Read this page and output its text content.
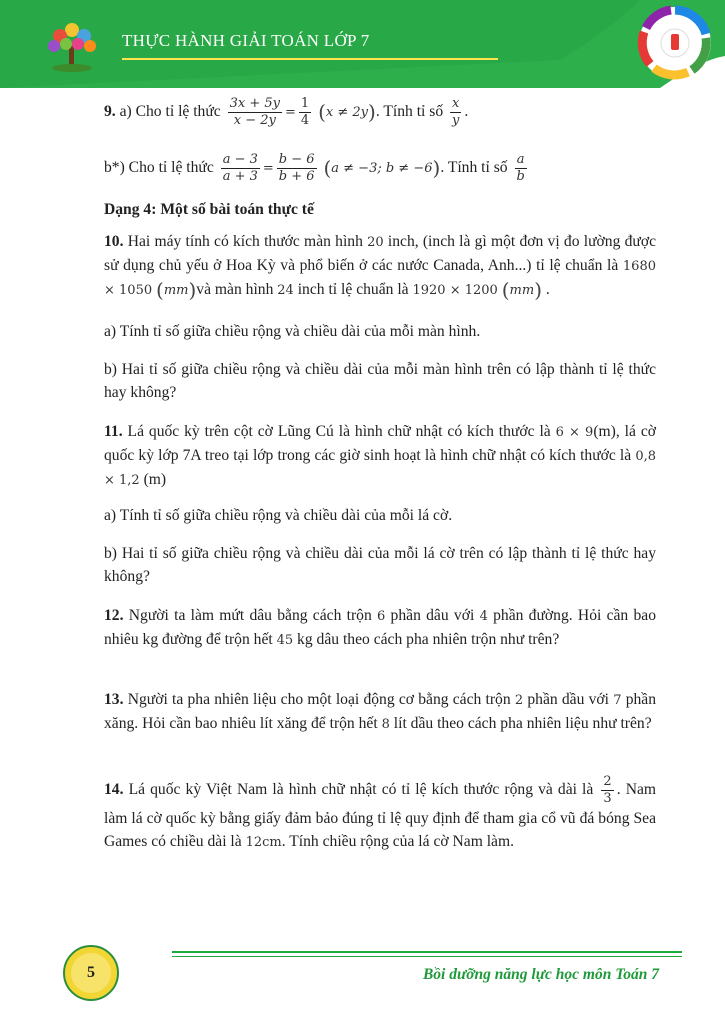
THỰC HÀNH GIẢI TOÁN LỚP 7
9. a) Cho tỉ lệ thức $\frac{3x + 5y}{x - 2y} = \frac{1}{4} (x \ne 2y)$. Tính tỉ số $\frac{x}{y}$ .
b*) Cho tỉ lệ thức $\frac{a - 3}{a + 3} = \frac{b - 6}{b + 6} (a \ne -3$; b ≠ −6). Tính tỉ số $\frac{a}{b}$
Dạng 4: Một số bài toán thực tế
10. Hai máy tính có kích thước màn hình 20 inch, (inch là gì một đơn vị đo lường được sử dụng chủ yếu ở Hoa Kỳ và phổ biến ở các nước Canada, Anh...) tỉ lệ chuẩn là 1680 × 1050 (mm)và màn hình 24 inch tỉ lệ chuẩn là 1920 × 1200 (mm) .
a) Tính tỉ số giữa chiều rộng và chiều dài của mỗi màn hình.
b) Hai tỉ số giữa chiều rộng và chiều dài của mỗi màn hình trên có lập thành tỉ lệ thức hay không?
11. Lá quốc kỳ trên cột cờ Lũng Cú là hình chữ nhật có kích thước là 6 × 9(m), lá cờ quốc kỳ lớp 7A treo tại lớp trong các giờ sinh hoạt là hình chữ nhật có kích thước là 0,8 × 1,2 (m)
a) Tính tỉ số giữa chiều rộng và chiều dài của mỗi lá cờ.
b) Hai tỉ số giữa chiều rộng và chiều dài của mỗi lá cờ trên có lập thành tỉ lệ thức hay không?
12. Người ta làm mứt dâu bằng cách trộn 6 phần dâu với 4 phần đường. Hỏi cần bao nhiêu kg đường để trộn hết 45 kg dâu theo cách pha nhiên trộn như trên?
13. Người ta pha nhiên liệu cho một loại động cơ bằng cách trộn 2 phần dầu với 7 phần xăng. Hỏi cần bao nhiêu lít xăng để trộn hết 8 lít dầu theo cách pha nhiên liệu như trên?
14. Lá quốc kỳ Việt Nam là hình chữ nhật có tỉ lệ kích thước rộng và dài là $\frac{2}{3}$ . Nam làm lá cờ quốc kỳ bằng giấy đảm bảo đúng tỉ lệ quy định để tham gia cổ vũ đá bóng Sea Games có chiều dài là 12cm. Tính chiều rộng của lá cờ Nam làm.
5	Bồi dưỡng năng lực học môn Toán 7
